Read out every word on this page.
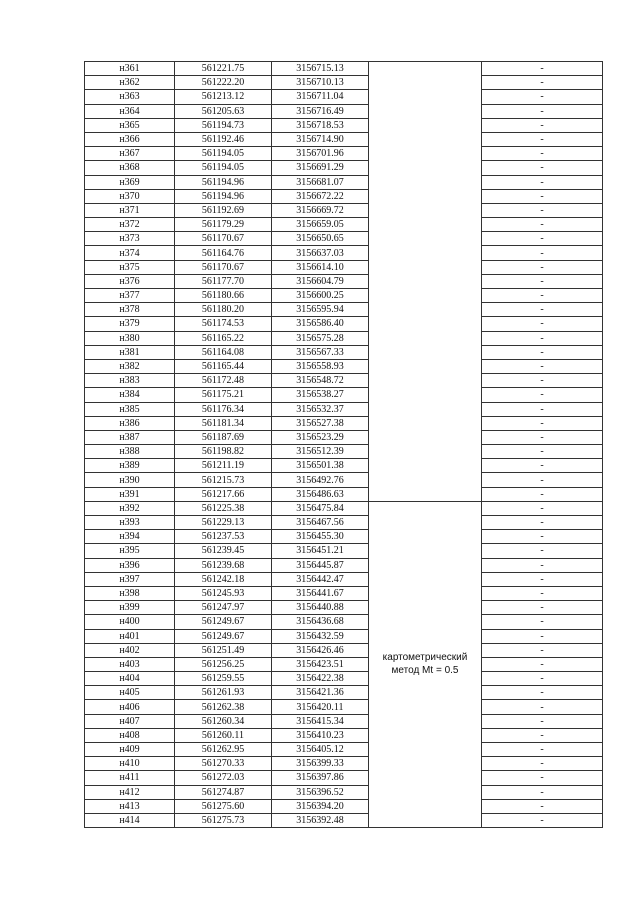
н361	561221.75	3156715.13		-
н362	561222.20	3156710.13		-
н363	561213.12	3156711.04		-
н364	561205.63	3156716.49		-
н365	561194.73	3156718.53		-
н366	561192.46	3156714.90		-
н367	561194.05	3156701.96		-
н368	561194.05	3156691.29		-
н369	561194.96	3156681.07		-
н370	561194.96	3156672.22		-
н371	561192.69	3156669.72		-
н372	561179.29	3156659.05		-
н373	561170.67	3156650.65		-
н374	561164.76	3156637.03		-
н375	561170.67	3156614.10		-
н376	561177.70	3156604.79		-
н377	561180.66	3156600.25		-
н378	561180.20	3156595.94		-
н379	561174.53	3156586.40		-
н380	561165.22	3156575.28		-
н381	561164.08	3156567.33		-
н382	561165.44	3156558.93		-
н383	561172.48	3156548.72		-
н384	561175.21	3156538.27		-
н385	561176.34	3156532.37		-
н386	561181.34	3156527.38		-
н387	561187.69	3156523.29		-
н388	561198.82	3156512.39		-
н389	561211.19	3156501.38		-
н390	561215.73	3156492.76		-
н391	561217.66	3156486.63		-
н392	561225.38	3156475.84	картометрический
метод Mt = 0.5	-
н393	561229.13	3156467.56		-
н394	561237.53	3156455.30		-
н395	561239.45	3156451.21		-
н396	561239.68	3156445.87		-
н397	561242.18	3156442.47		-
н398	561245.93	3156441.67		-
н399	561247.97	3156440.88		-
н400	561249.67	3156436.68		-
н401	561249.67	3156432.59		-
н402	561251.49	3156426.46		-
н403	561256.25	3156423.51		-
н404	561259.55	3156422.38		-
н405	561261.93	3156421.36		-
н406	561262.38	3156420.11		-
н407	561260.34	3156415.34		-
н408	561260.11	3156410.23		-
н409	561262.95	3156405.12		-
н410	561270.33	3156399.33		-
н411	561272.03	3156397.86		-
н412	561274.87	3156396.52		-
н413	561275.60	3156394.20		-
н414	561275.73	3156392.48		-
